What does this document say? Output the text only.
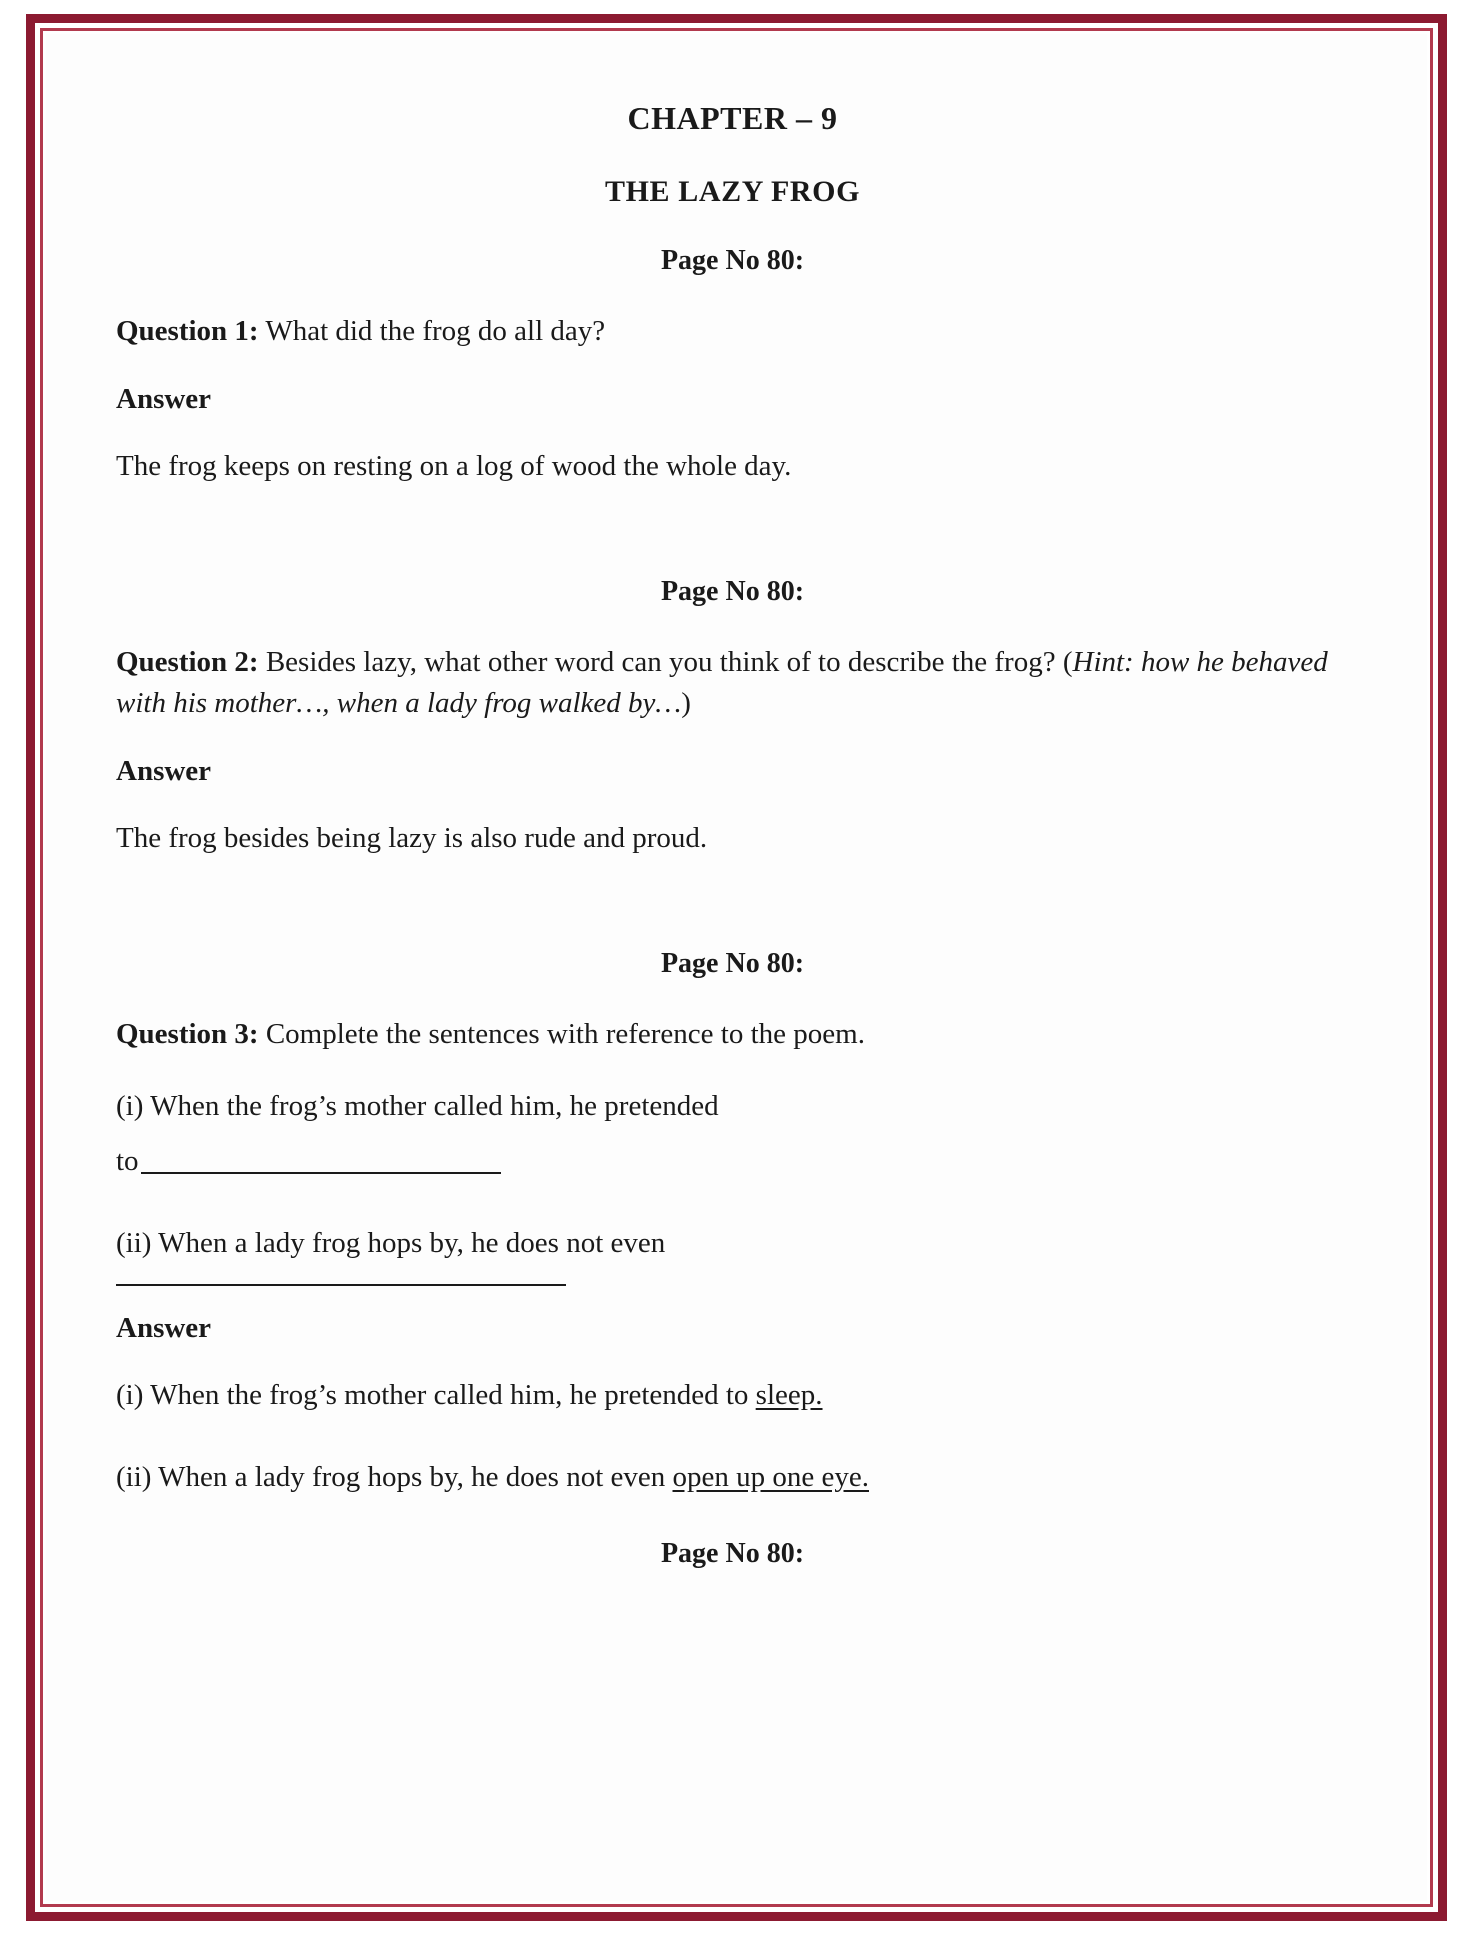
CHAPTER – 9
THE LAZY FROG
Page No 80:

Question 1: What did the frog do all day?

Answer

The frog keeps on resting on a log of wood the whole day.

Page No 80:

Question 2: Besides lazy, what other word can you think of to describe the frog? (Hint: how he behaved with his mother…, when a lady frog walked by…)

Answer

The frog besides being lazy is also rude and proud.

Page No 80:

Question 3: Complete the sentences with reference to the poem.

(i) When the frog’s mother called him, he pretended

to

(ii) When a lady frog hops by, he does not even

Answer

(i) When the frog’s mother called him, he pretended to sleep.

(ii) When a lady frog hops by, he does not even open up one eye.

Page No 80:
